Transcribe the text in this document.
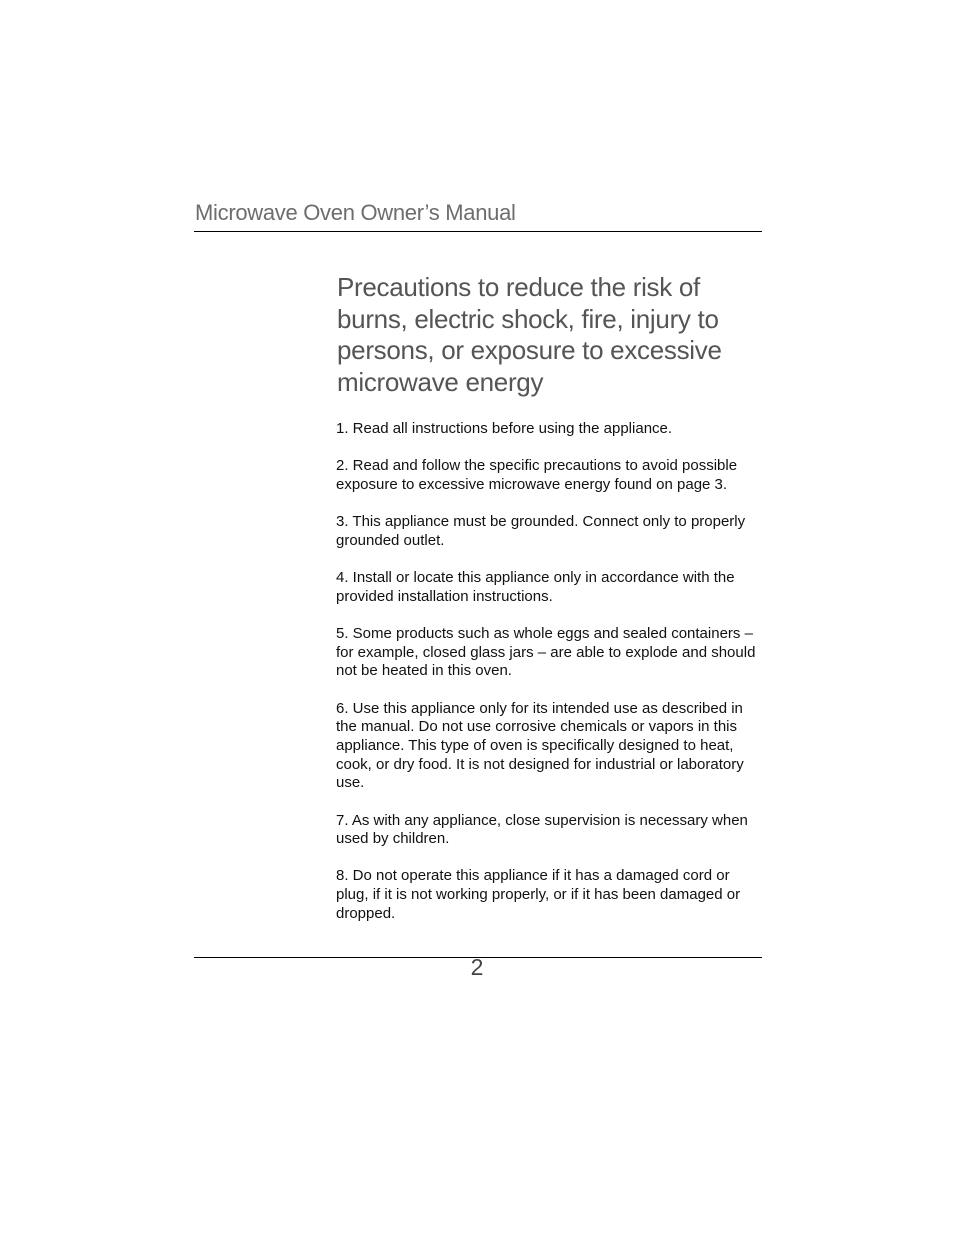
Microwave Oven Owner’s Manual
Precautions to reduce the risk of burns, electric shock, fire, injury to persons, or exposure to excessive microwave energy
1. Read all instructions before using the appliance.
2. Read and follow the specific precautions to avoid possible exposure to excessive microwave energy found on page 3.
3. This appliance must be grounded. Connect only to properly grounded outlet.
4. Install or locate this appliance only in accordance with the provided installation instructions.
5. Some products such as whole eggs and sealed containers – for example, closed glass jars – are able to explode and should not be heated in this oven.
6. Use this appliance only for its intended use as described in the manual. Do not use corrosive chemicals or vapors in this appliance. This type of oven is specifically designed to heat, cook, or dry food. It is not designed for industrial or laboratory use.
7. As with any appliance, close supervision is necessary when used by children.
8. Do not operate this appliance if it has a damaged cord or plug, if it is not working properly, or if it has been damaged or dropped.
2
